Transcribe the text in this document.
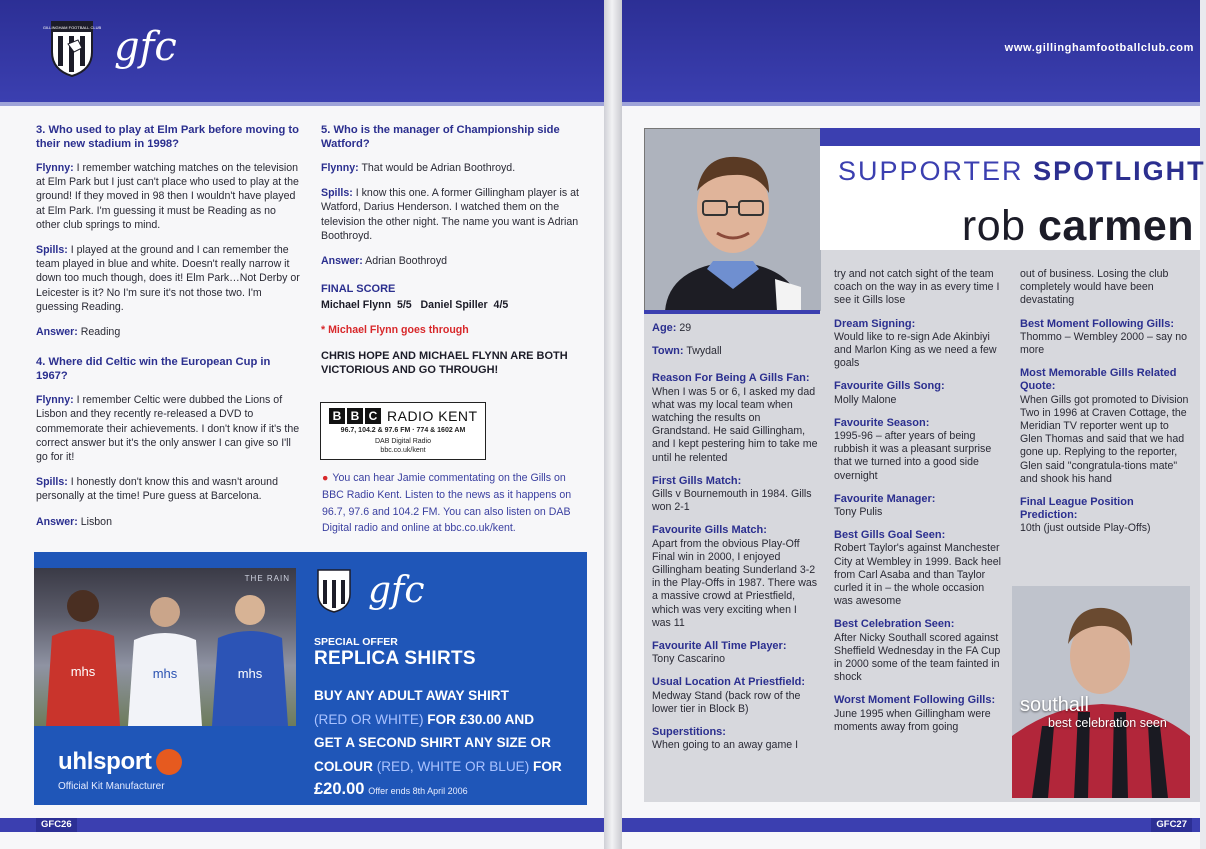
GILLINGHAM FOOTBALL CLUB gfc
3. Who used to play at Elm Park before moving to their new stadium in 1998?

Flynny: I remember watching matches on the television at Elm Park but I just can't place who used to play at the ground! If they moved in 98 then I wouldn't have played at Elm Park. I'm guessing it must be Reading as no other club springs to mind.

Spills: I played at the ground and I can remember the team played in blue and white. Doesn't really narrow it down too much though, does it! Elm Park…Not Derby or Leicester is it? No I'm sure it's not those two. I'm guessing Reading.

Answer: Reading

4. Where did Celtic win the European Cup in 1967?

Flynny: I remember Celtic were dubbed the Lions of Lisbon and they recently re-released a DVD to commemorate their achievements. I don't know if it's the correct answer but it's the only answer I can give so I'll go for it!

Spills: I honestly don't know this and wasn't around personally at the time! Pure guess at Barcelona.

Answer: Lisbon

5. Who is the manager of Championship side Watford?

Flynny: That would be Adrian Boothroyd.

Spills: I know this one. A former Gillingham player is at Watford, Darius Henderson. I watched them on the television the other night. The name you want is Adrian Boothroyd.

Answer: Adrian Boothroyd

FINAL SCORE
Michael Flynn 5/5 Daniel Spiller 4/5
* Michael Flynn goes through
CHRIS HOPE AND MICHAEL FLYNN ARE BOTH VICTORIOUS AND GO THROUGH!
B B C RADIO KENT
96.7, 104.2 & 97.6 FM · 774 & 1602 AM
DAB Digital Radio
bbc.co.uk/kent
● You can hear Jamie commentating on the Gills on BBC Radio Kent. Listen to the news as it happens on 96.7, 97.6 and 104.2 FM. You can also listen on DAB Digital radio and online at bbc.co.uk/kent.
THE RAIN
mhs	mhs	mhs
uhlsport
Official Kit Manufacturer
gfc
SPECIAL OFFER
REPLICA SHIRTS
BUY ANY ADULT AWAY SHIRT
(RED OR WHITE) FOR £30.00 AND
GET A SECOND SHIRT ANY SIZE OR
COLOUR (RED, WHITE OR BLUE) FOR
£20.00 Offer ends 8th April 2006
GFC26
www.gillinghamfootballclub.com
SUPPORTER SPOTLIGHT
rob carmen
Age: 29
Town: Twydall
Reason For Being A Gills Fan:
When I was 5 or 6, I asked my dad what was my local team when watching the results on Grandstand. He said Gillingham, and I kept pestering him to take me until he relented
First Gills Match:
Gills v Bournemouth in 1984. Gills won 2-1
Favourite Gills Match:
Apart from the obvious Play-Off Final win in 2000, I enjoyed Gillingham beating Sunderland 3-2 in the Play-Offs in 1987. There was a massive crowd at Priestfield, which was very exciting when I was 11
Favourite All Time Player:
Tony Cascarino
Usual Location At Priestfield:
Medway Stand (back row of the lower tier in Block B)
Superstitions:
When going to an away game I
try and not catch sight of the team coach on the way in as every time I see it Gills lose
Dream Signing:
Would like to re-sign Ade Akinbiyi and Marlon King as we need a few goals
Favourite Gills Song:
Molly Malone
Favourite Season:
1995-96 – after years of being rubbish it was a pleasant surprise that we turned into a good side overnight
Favourite Manager:
Tony Pulis
Best Gills Goal Seen:
Robert Taylor's against Manchester City at Wembley in 1999. Back heel from Carl Asaba and than Taylor curled it in – the whole occasion was awesome
Best Celebration Seen:
After Nicky Southall scored against Sheffield Wednesday in the FA Cup in 2000 some of the team fainted in shock
Worst Moment Following Gills:
June 1995 when Gillingham were moments away from going
out of business. Losing the club completely would have been devastating
Best Moment Following Gills:
Thommo – Wembley 2000 – say no more
Most Memorable Gills Related Quote:
When Gills got promoted to Division Two in 1996 at Craven Cottage, the Meridian TV reporter went up to Glen Thomas and said that we had gone up. Replying to the reporter, Glen said "congratula-tions mate" and shook his hand
Final League Position Prediction:
10th (just outside Play-Offs)
southall
best celebration seen
GFC27
